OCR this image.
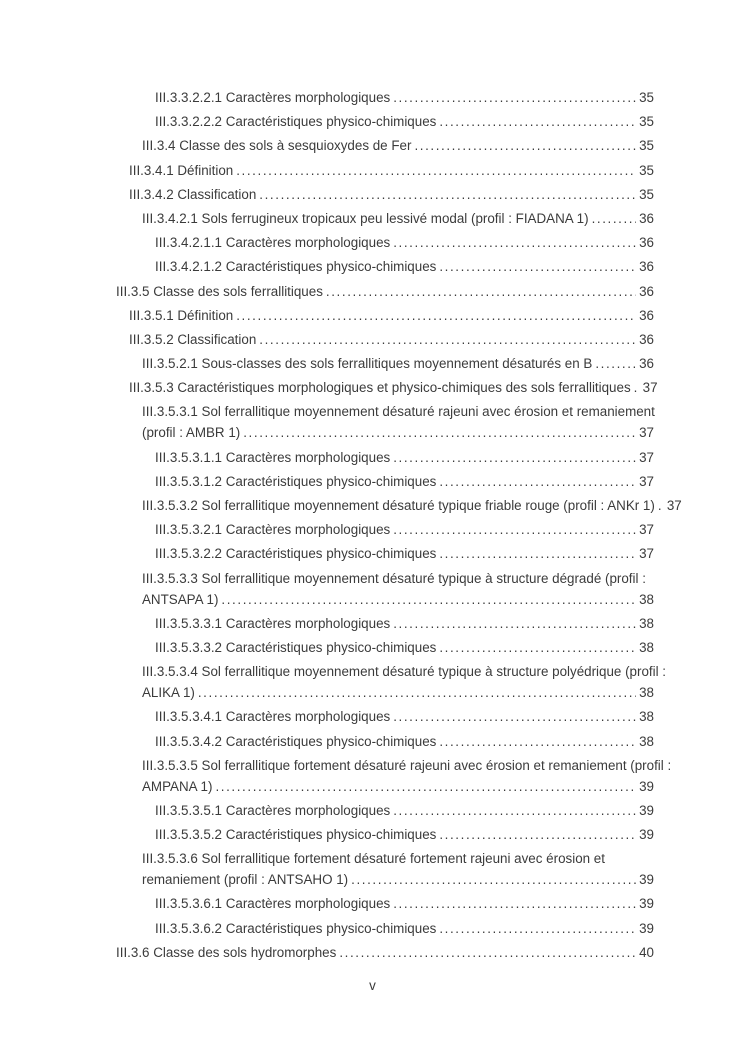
III.3.3.2.2.1 Caractères morphologiques .....	35
III.3.3.2.2.2 Caractéristiques physico-chimiques .....	35
III.3.4 Classe des sols à sesquioxydes de Fer .....	35
III.3.4.1 Définition .....	35
III.3.4.2 Classification .....	35
III.3.4.2.1 Sols ferrugineux tropicaux peu lessivé modal (profil : FIADANA 1) .....	36
III.3.4.2.1.1 Caractères morphologiques .....	36
III.3.4.2.1.2 Caractéristiques physico-chimiques .....	36
III.3.5 Classe des sols ferrallitiques .....	36
III.3.5.1 Définition .....	36
III.3.5.2 Classification .....	36
III.3.5.2.1 Sous-classes des sols ferrallitiques moyennement désaturés en B .....	36
III.3.5.3 Caractéristiques morphologiques et physico-chimiques des sols ferrallitiques ..... 37
III.3.5.3.1 Sol ferrallitique moyennement désaturé rajeuni avec érosion et remaniement
(profil : AMBR 1) .....	37
III.3.5.3.1.1 Caractères morphologiques .....	37
III.3.5.3.1.2 Caractéristiques physico-chimiques .....	37
III.3.5.3.2 Sol ferrallitique moyennement désaturé typique friable rouge (profil : ANKr 1) ..... 37
III.3.5.3.2.1 Caractères morphologiques .....	37
III.3.5.3.2.2 Caractéristiques physico-chimiques .....	37
III.3.5.3.3 Sol ferrallitique moyennement désaturé typique à structure dégradé (profil :
ANTSAPA 1) .....	38
III.3.5.3.3.1 Caractères morphologiques .....	38
III.3.5.3.3.2 Caractéristiques physico-chimiques .....	38
III.3.5.3.4 Sol ferrallitique moyennement désaturé typique à structure polyédrique (profil :
ALIKA 1) .....	38
III.3.5.3.4.1 Caractères morphologiques .....	38
III.3.5.3.4.2 Caractéristiques physico-chimiques .....	38
III.3.5.3.5 Sol ferrallitique fortement désaturé rajeuni avec érosion et remaniement (profil :
AMPANA 1) .....	39
III.3.5.3.5.1 Caractères morphologiques .....	39
III.3.5.3.5.2 Caractéristiques physico-chimiques .....	39
III.3.5.3.6 Sol ferrallitique fortement désaturé fortement rajeuni avec érosion et
remaniement (profil : ANTSAHO 1) .....	39
III.3.5.3.6.1 Caractères morphologiques .....	39
III.3.5.3.6.2 Caractéristiques physico-chimiques .....	39
III.3.6 Classe des sols hydromorphes .....	40
v
